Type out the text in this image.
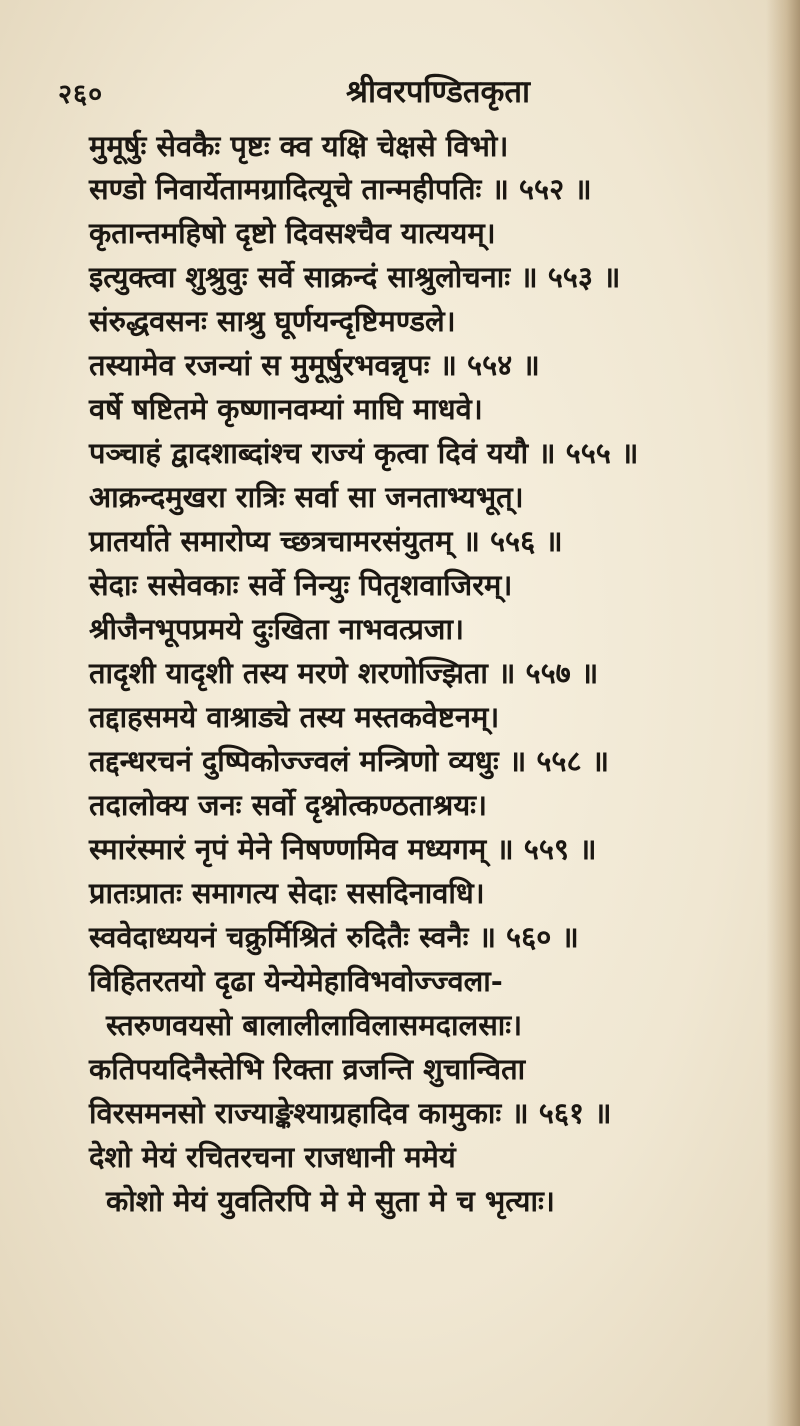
२६०	श्रीवरपण्डितकृता
मुमूर्षुः सेवकैः पृष्टः क्व यक्षि चेक्षसे विभो।
सण्डो निवार्येतामग्रादित्यूचे तान्महीपतिः ॥ ५५२ ॥
कृतान्तमहिषो दृष्टो दिवसश्चैव यात्ययम्।
इत्युक्त्वा शुश्रुवुः सर्वे साक्रन्दं साश्रुलोचनाः ॥ ५५३ ॥
संरुद्धवसनः साश्रु घूर्णयन्दृष्टिमण्डले।
तस्यामेव रजन्यां स मुमूर्षुरभवन्नृपः ॥ ५५४ ॥
वर्षे षष्टितमे कृष्णानवम्यां माघि माधवे।
पञ्चाहं द्वादशाब्दांश्च राज्यं कृत्वा दिवं ययौ ॥ ५५५ ॥
आक्रन्दमुखरा रात्रिः सर्वा सा जनताभ्यभूत्।
प्रातर्याते समारोप्य च्छत्रचामरसंयुतम् ॥ ५५६ ॥
सेदाः ससेवकाः सर्वे निन्युः पितृशवाजिरम्।
श्रीजैनभूपप्रमये दुःखिता नाभवत्प्रजा।
तादृशी यादृशी तस्य मरणे शरणोज्झिता ॥ ५५७ ॥
तद्दाहसमये वाश्राड्ये तस्य मस्तकवेष्टनम्।
तद्दन्धरचनं दुष्पिकोज्ज्वलं मन्त्रिणो व्यधुः ॥ ५५८ ॥
तदालोक्य जनः सर्वो दृश्नोत्कण्ठताश्रयः।
स्मारंस्मारं नृपं मेने निषण्णमिव मध्यगम् ॥ ५५९ ॥
प्रातःप्रातः समागत्य सेदाः ससदिनावधि।
स्ववेदाध्ययनं चक्रुर्मिश्रितं रुदितैः स्वनैः ॥ ५६० ॥
विहितरतयो दृढा येन्येमेहाविभवोज्ज्वला-
स्तरुणवयसो बालालीलाविलासमदालसाः।
कतिपयदिनैस्तेभि रिक्ता व्रजन्ति शुचान्विता
विरसमनसो राज्याङ्केश्याग्रहादिव कामुकाः ॥ ५६१ ॥
देशो मेयं रचितरचना राजधानी ममेयं
कोशो मेयं युवतिरपि मे मे सुता मे च भृत्याः।
